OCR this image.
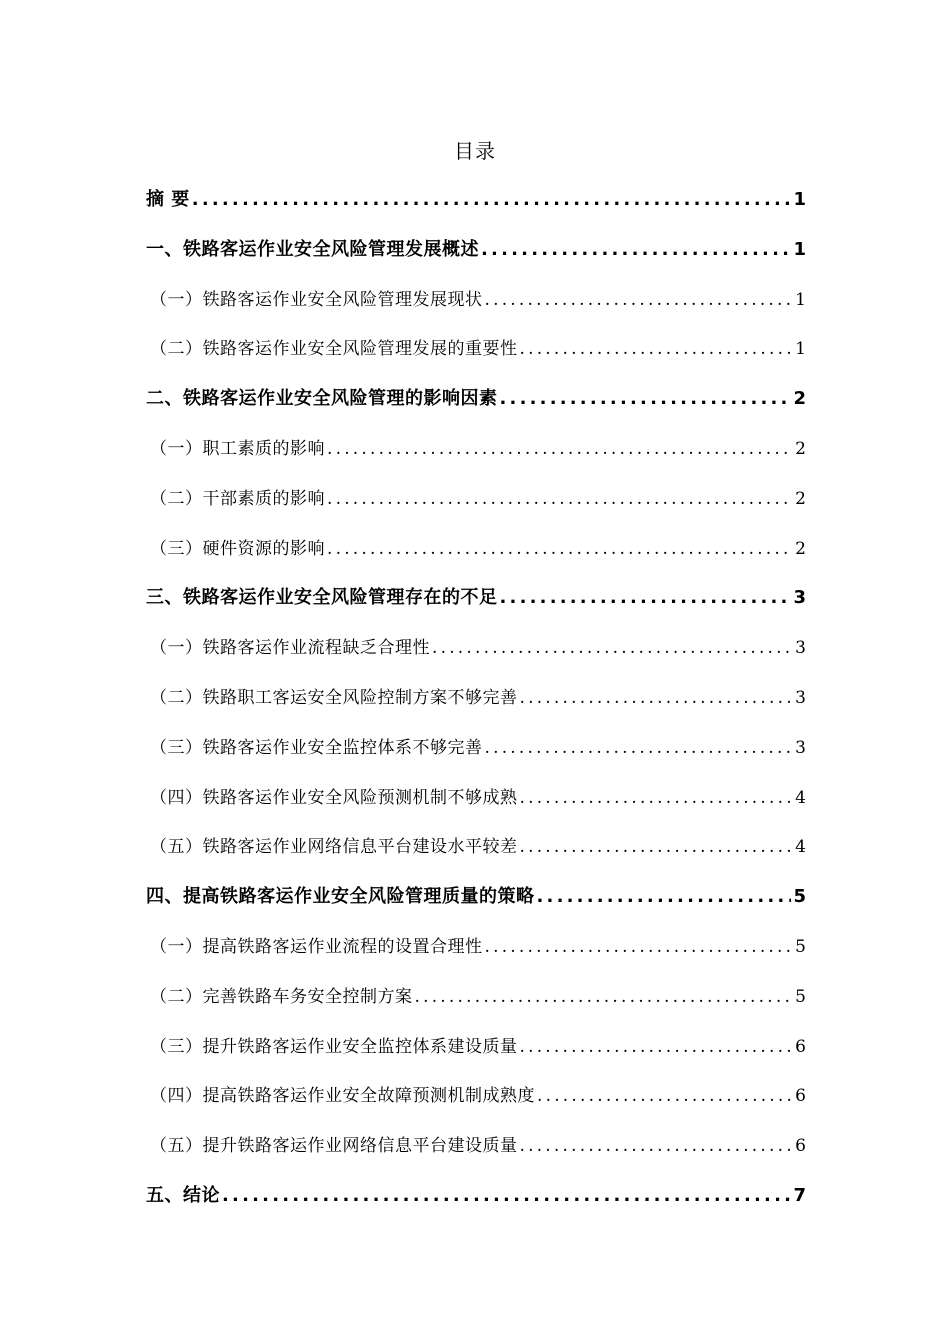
目录
摘 要 .....	1
一、铁路客运作业安全风险管理发展概述 .....	1
（一）铁路客运作业安全风险管理发展现状 .....	1
（二）铁路客运作业安全风险管理发展的重要性 .....	1
二、铁路客运作业安全风险管理的影响因素 .....	2
（一）职工素质的影响 .....	2
（二）干部素质的影响 .....	2
（三）硬件资源的影响 .....	2
三、铁路客运作业安全风险管理存在的不足 .....	3
（一）铁路客运作业流程缺乏合理性 .....	3
（二）铁路职工客运安全风险控制方案不够完善 .....	3
（三）铁路客运作业安全监控体系不够完善 .....	3
（四）铁路客运作业安全风险预测机制不够成熟 .....	4
（五）铁路客运作业网络信息平台建设水平较差 .....	4
四、提高铁路客运作业安全风险管理质量的策略 .....	5
（一）提高铁路客运作业流程的设置合理性 .....	5
（二）完善铁路车务安全控制方案 .....	5
（三）提升铁路客运作业安全监控体系建设质量 .....	6
（四）提高铁路客运作业安全故障预测机制成熟度 .....	6
（五）提升铁路客运作业网络信息平台建设质量 .....	6
五、结论 .....	7
